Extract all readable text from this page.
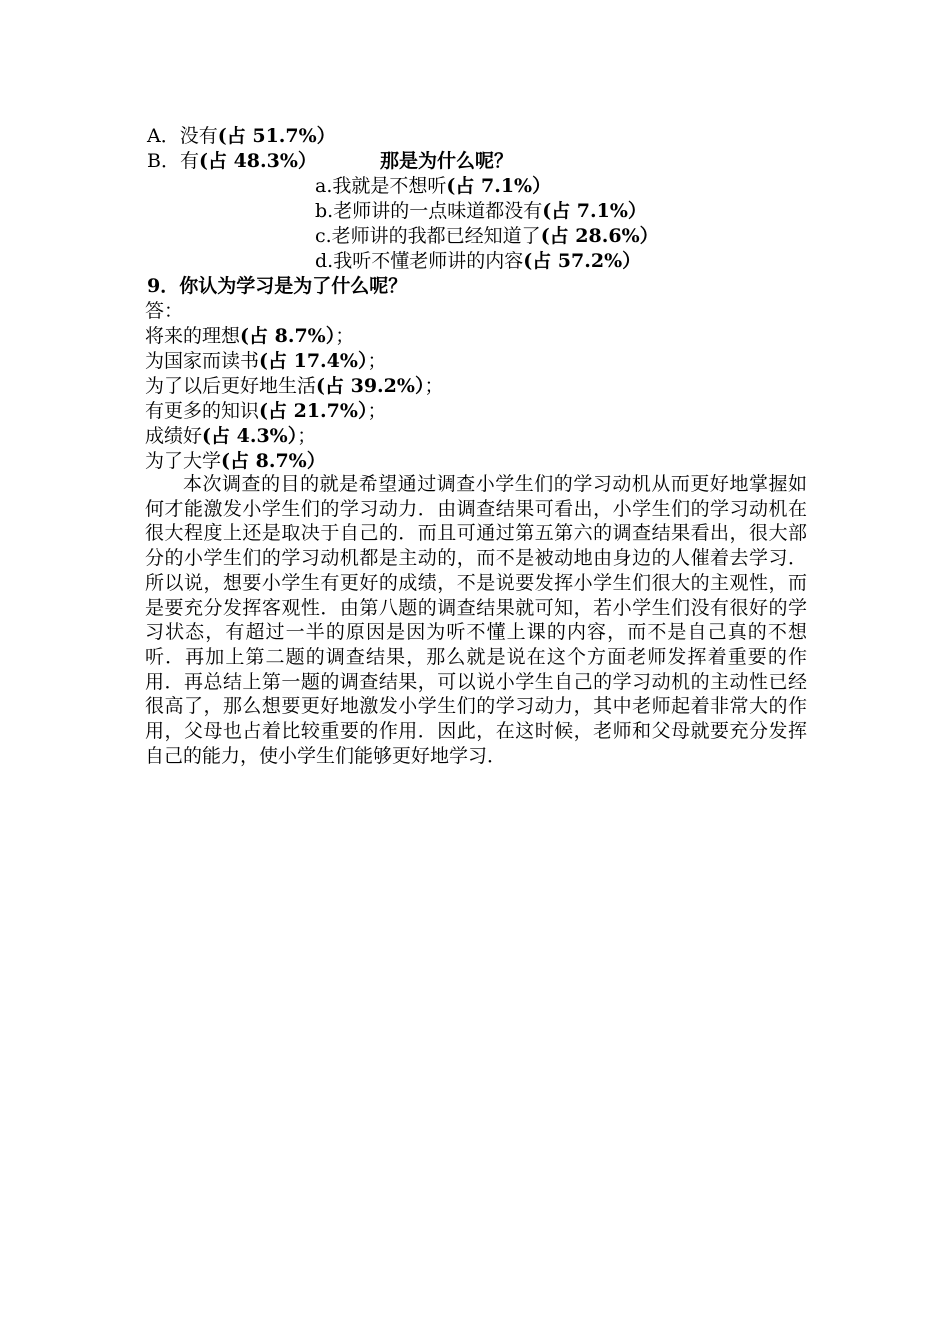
A．没有(占 51.7%）
B．有(占 48.3%）	那是为什么呢？
a.我就是不想听(占 7.1%）
b.老师讲的一点味道都没有(占 7.1%）
c.老师讲的我都已经知道了(占 28.6%）
d.我听不懂老师讲的内容(占 57.2%）
9．你认为学习是为了什么呢？
答：
将来的理想(占 8.7%）；
为国家而读书(占 17.4%）；
为了以后更好地生活(占 39.2%）；
有更多的知识(占 21.7%）；
成绩好(占 4.3%）；
为了大学(占 8.7%）
本次调查的目的就是希望通过调查小学生们的学习动机从而更好地掌握如何才能激发小学生们的学习动力．由调查结果可看出，小学生们的学习动机在很大程度上还是取决于自己的．而且可通过第五第六的调查结果看出，很大部分的小学生们的学习动机都是主动的，而不是被动地由身边的人催着去学习．所以说，想要小学生有更好的成绩，不是说要发挥小学生们很大的主观性，而是要充分发挥客观性．由第八题的调查结果就可知，若小学生们没有很好的学习状态，有超过一半的原因是因为听不懂上课的内容，而不是自己真的不想听．再加上第二题的调查结果，那么就是说在这个方面老师发挥着重要的作用．再总结上第一题的调查结果，可以说小学生自己的学习动机的主动性已经很高了，那么想要更好地激发小学生们的学习动力，其中老师起着非常大的作用，父母也占着比较重要的作用．因此，在这时候，老师和父母就要充分发挥自己的能力，使小学生们能够更好地学习．
